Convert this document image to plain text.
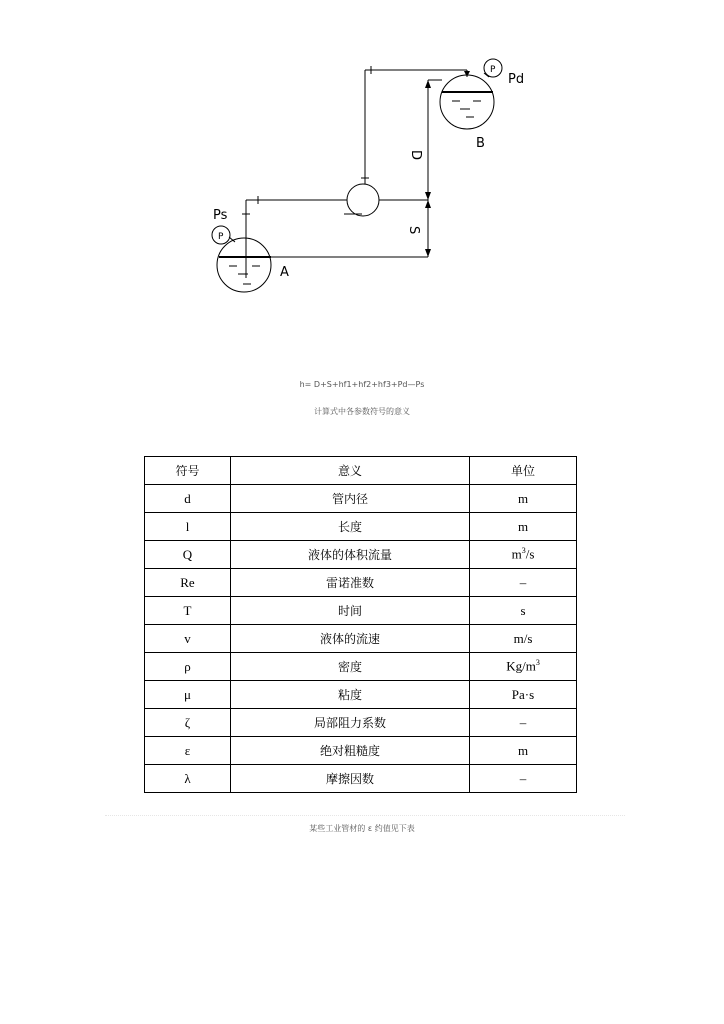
Ps
Pd
A
B
D
S
P
P
h= D+S+hf1+hf2+hf3+Pd—Ps
计算式中各参数符号的意义
符号	意义	单位
d	管内径	m
l	长度	m
Q	液体的体积流量	$m^3/s$
Re	雷诺准数	–
T	时间	s
v	液体的流速	m/s
ρ	密度	$Kg/m^3$
μ	粘度	Pa·s
ζ	局部阻力系数	–
ε	绝对粗糙度	m
λ	摩擦因数	–
某些工业管材的 ε 约值见下表
